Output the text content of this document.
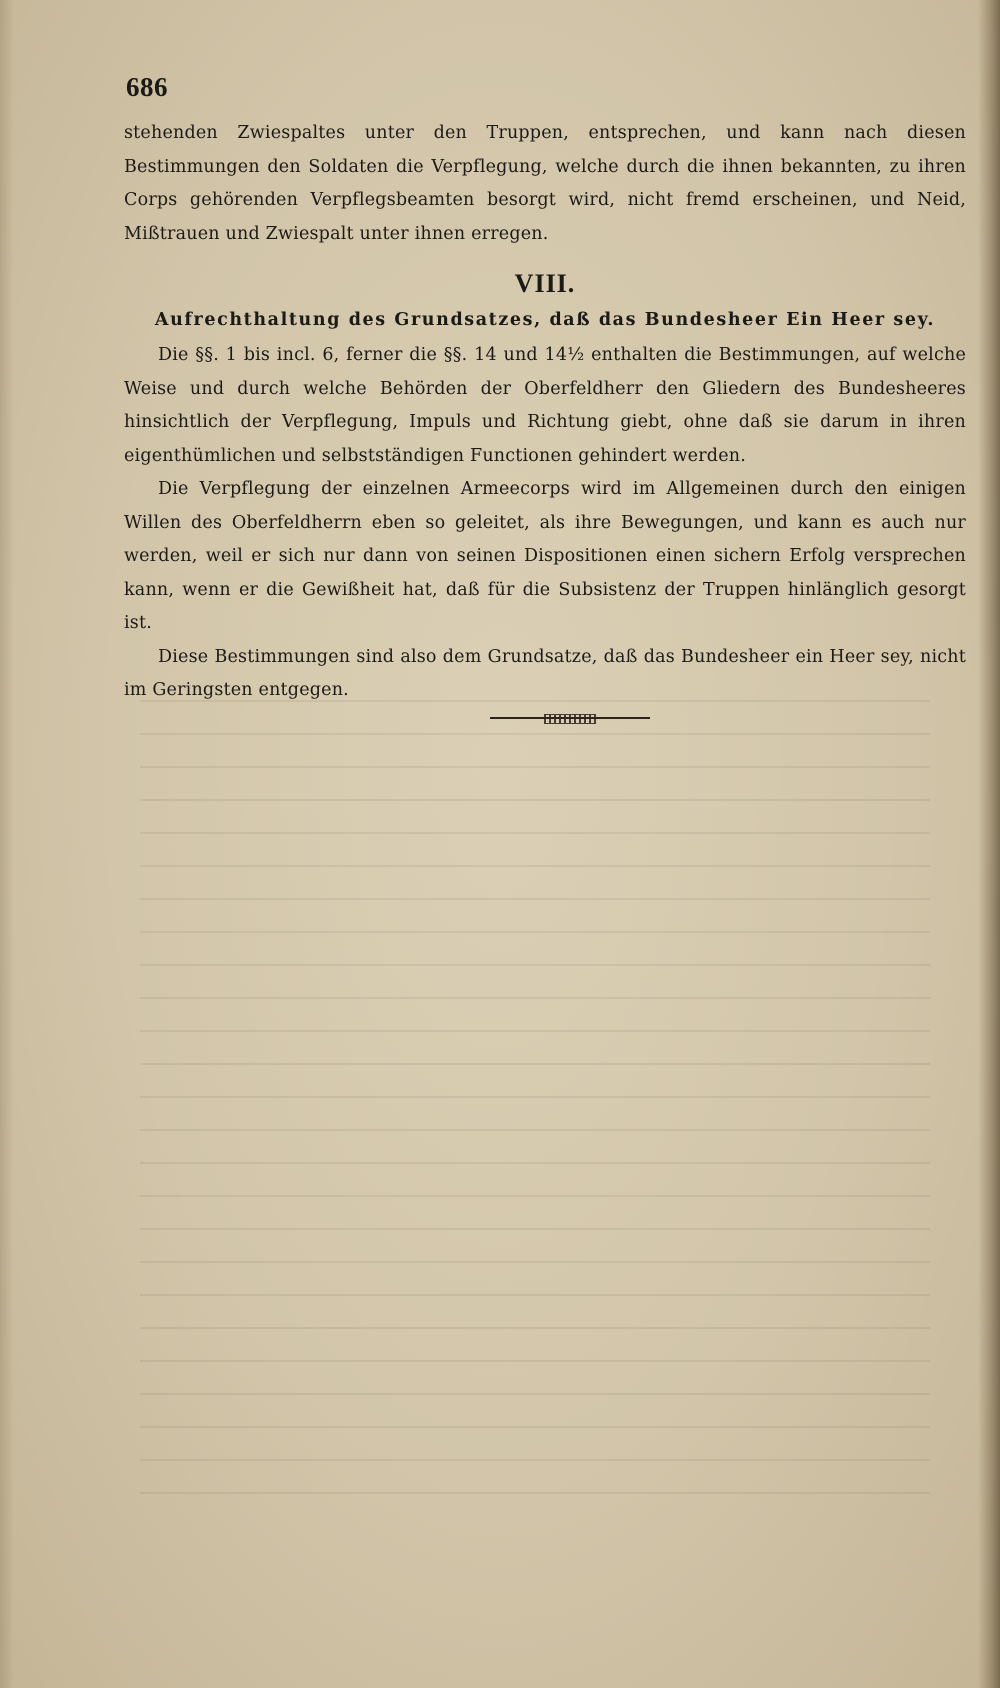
686

stehenden Zwiespaltes unter den Truppen, entsprechen, und kann nach diesen Bestimmungen den Soldaten die Verpflegung, welche durch die ihnen bekannten, zu ihren Corps gehörenden Verpflegsbeamten besorgt wird, nicht fremd erscheinen, und Neid, Mißtrauen und Zwiespalt unter ihnen erregen.

VIII.
Aufrechthaltung des Grundsatzes, daß das Bundesheer Ein Heer sey.

Die §§. 1 bis incl. 6, ferner die §§. 14 und 14½ enthalten die Bestimmungen, auf welche Weise und durch welche Behörden der Oberfeldherr den Gliedern des Bundesheeres hinsichtlich der Verpflegung, Impuls und Richtung giebt, ohne daß sie darum in ihren eigenthümlichen und selbstständigen Functionen gehindert werden.

Die Verpflegung der einzelnen Armeecorps wird im Allgemeinen durch den einigen Willen des Oberfeldherrn eben so geleitet, als ihre Bewegungen, und kann es auch nur werden, weil er sich nur dann von seinen Dispositionen einen sichern Erfolg versprechen kann, wenn er die Gewißheit hat, daß für die Subsistenz der Truppen hinlänglich gesorgt ist.

Diese Bestimmungen sind also dem Grundsatze, daß das Bundesheer ein Heer sey, nicht im Geringsten entgegen.
